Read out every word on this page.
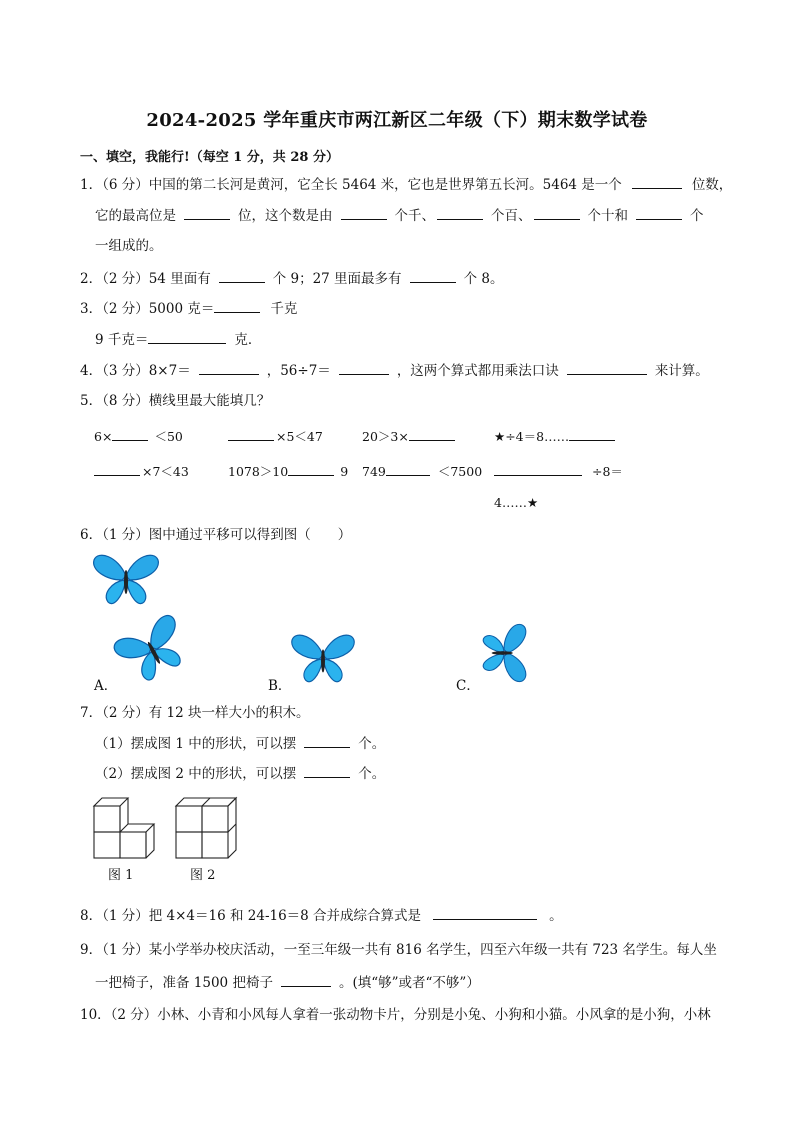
2024-2025 学年重庆市两江新区二年级（下）期末数学试卷
一、填空，我能行!（每空 1 分，共 28 分）
1．（6 分）中国的第二长河是黄河，它全长 5464 米，它也是世界第五长河。5464 是一个	位数，
它的最高位是	位，这个数是由	个千、	个百、	个十和	个
一组成的。
2．（2 分）54 里面有	个 9；27 里面最多有	个 8。
3．（2 分）5000 克＝	千克
9 千克＝	克．
4．（3 分）8×7＝	，56÷7＝	，这两个算式都用乘法口诀	来计算。
5．（8 分）横线里最大能填几？
6×	＜50	×5＜47	20＞3×	★÷4＝8……
×7＜43	1078＞10	9 749	＜7500	÷8＝
4……★
6．（1 分）图中通过平移可以得到图（　　）
A．	B．	C．
7．（2 分）有 12 块一样大小的积木。
（1）摆成图 1 中的形状，可以摆	个。
（2）摆成图 2 中的形状，可以摆	个。
图 1	图 2
8．（1 分）把 4×4＝16 和 24-16＝8 合并成综合算式是	。
9．（1 分）某小学举办校庆活动，一至三年级一共有 816 名学生，四至六年级一共有 723 名学生。每人坐
一把椅子，准备 1500 把椅子	。(填“够”或者“不够”）
10．（2 分）小林、小青和小风每人拿着一张动物卡片，分别是小兔、小狗和小猫。小风拿的是小狗，小林
